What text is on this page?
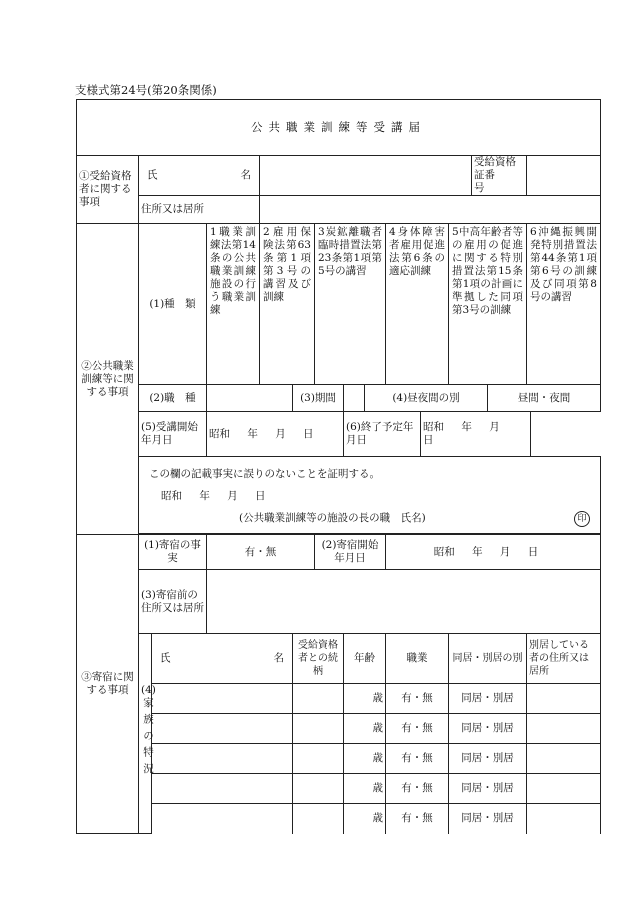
支様式第24号(第20条関係)
公共職業訓練等受講届														
①受給資格者に関する事項	氏 名											受給資格証番　　　号		
	住所又は居所													
②公共職業訓練等に関する事項	(1)種　類		1職業訓練法第14条の公共職業訓練施設の行う職業訓練	2雇用保険法第63条第1項第3号の講習及び訓練		3炭鉱離職者臨時措置法第23条第1項第5号の講習			4身体障害者雇用促進法第6条の適応訓練		5中高年齢者等の雇用の促進に関する特別措置法第15条第1項の計画に準拠した同項第3号の訓練			6沖縄振興開発特別措置法第44条第1項第6号の訓練及び同項第8号の講習
	(2)職　種				(3)期間			(4)昼夜間の別					昼間・夜間	
	(5)受講開始年月日		昭和 年 月 日				(6)終了予定年月日			昭和 年 月 日				

	この欄の記載事実に誤りのないことを証明する。
昭和 年 月 日
(公共職業訓練等の施設の長の職　氏名) 印													

③寄宿に関する事項	(1)寄宿の事実		有・無			(2)寄宿開始年月日			昭和 年 月 日					
	(3)寄宿前の住所又は居所													

	(4)
家族の特況	氏 名			受給資格者との続柄		年齢		職業		同居・別居の別			別居している者の住所又は居所
							歳		有・無		同居・別居			
							歳		有・無		同居・別居			
							歳		有・無		同居・別居			
							歳		有・無		同居・別居			
							歳		有・無		同居・別居			
